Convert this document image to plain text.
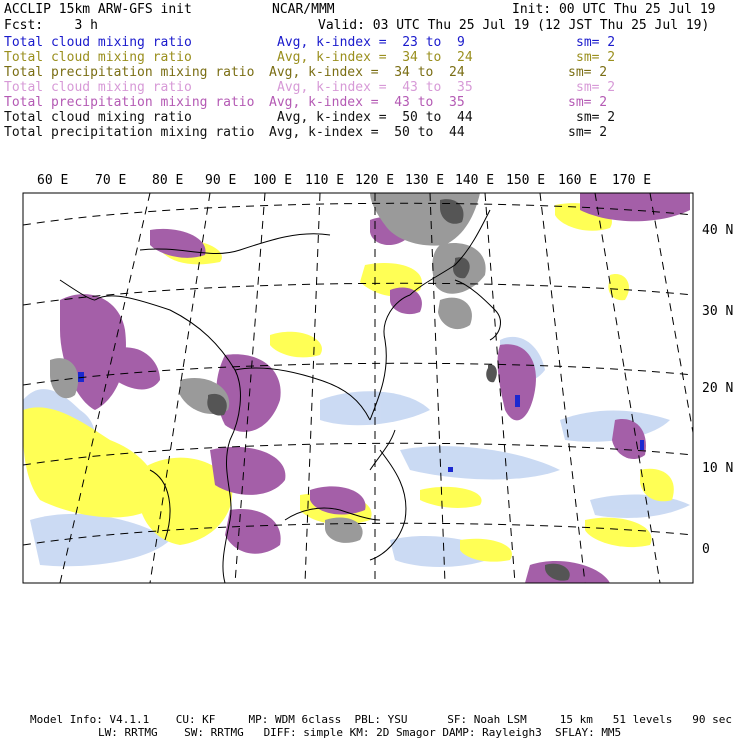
ACCLIP 15km ARW-GFS init	NCAR/MMM	Init: 00 UTC Thu 25 Jul 19
Fcst:    3 h	Valid: 03 UTC Thu 25 Jul 19 (12 JST Thu 25 Jul 19)
Total cloud mixing ratio	Avg, k-index =  23 to  9	sm= 2
Total cloud mixing ratio	Avg, k-index =  34 to  24	sm= 2
Total precipitation mixing ratio Avg, k-index =  34 to  24	sm= 2
Total cloud mixing ratio	Avg, k-index =  43 to  35	sm= 2
Total precipitation mixing ratio Avg, k-index =  43 to  35	sm= 2
Total cloud mixing ratio	Avg, k-index =  50 to  44	sm= 2
Total precipitation mixing ratio Avg, k-index =  50 to  44	sm= 2
60 E 70 E 80 E 90 E 100 E 110 E 120 E 130 E 140 E 150 E 160 E 170 E
40 N
30 N
20 N
10 N
0
Model Info: V4.1.1    CU: KF     MP: WDM 6class  PBL: YSU      SF: Noah LSM     15 km   51 levels   90 sec
LW: RRTMG    SW: RRTMG   DIFF: simple KM: 2D Smagor DAMP: Rayleigh3  SFLAY: MM5
